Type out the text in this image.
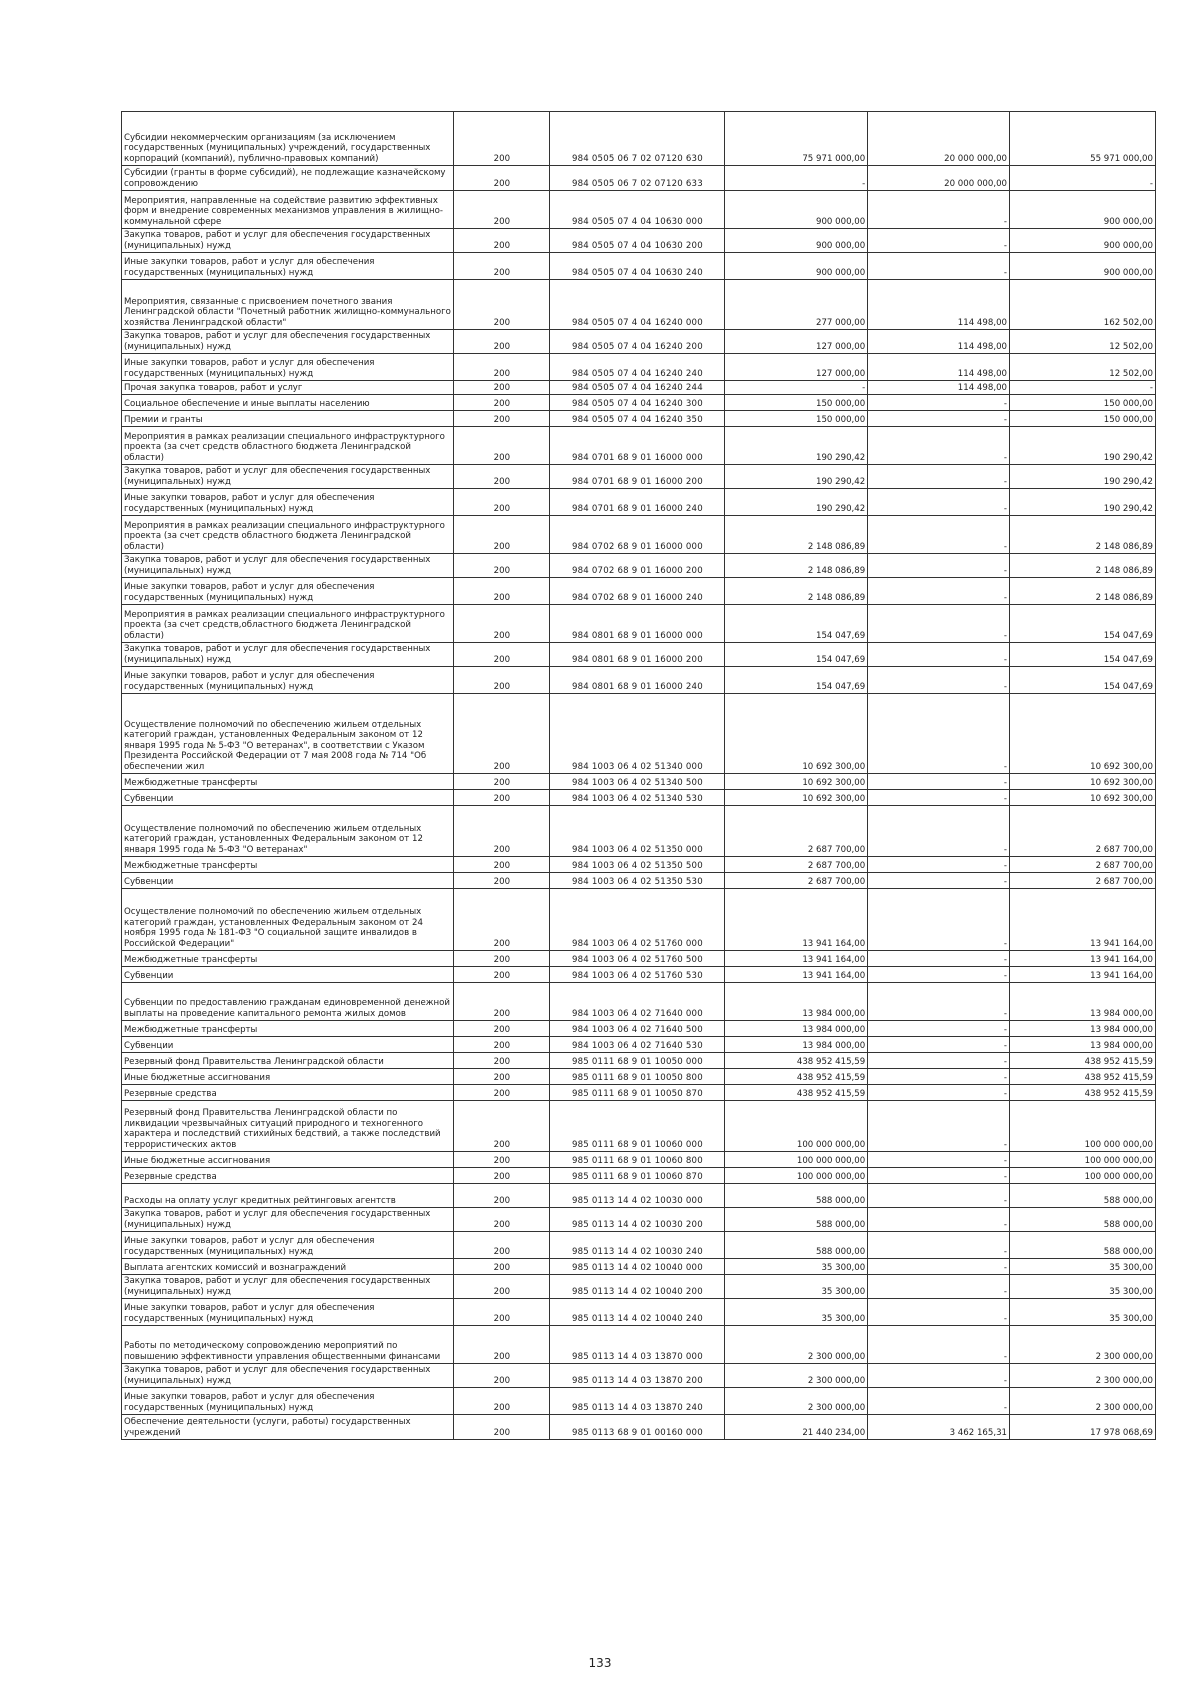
Субсидии некоммерческим организациям (за исключением государственных (муниципальных) учреждений, государственных корпораций (компаний), публично-правовых компаний)	200	984 0505 06 7 02 07120 630	75 971 000,00	20 000 000,00	55 971 000,00
Субсидии (гранты в форме субсидий), не подлежащие казначейскому сопровождению	200	984 0505 06 7 02 07120 633	-	20 000 000,00	-
Мероприятия, направленные на содействие развитию эффективных форм и внедрение современных механизмов управления в жилищно-коммунальной сфере	200	984 0505 07 4 04 10630 000	900 000,00	-	900 000,00
Закупка товаров, работ и услуг для обеспечения государственных (муниципальных) нужд	200	984 0505 07 4 04 10630 200	900 000,00	-	900 000,00
Иные закупки товаров, работ и услуг для обеспечения государственных (муниципальных) нужд	200	984 0505 07 4 04 10630 240	900 000,00	-	900 000,00
Мероприятия, связанные с присвоением почетного звания Ленинградской области "Почетный работник жилищно-коммунального хозяйства Ленинградской области"	200	984 0505 07 4 04 16240 000	277 000,00	114 498,00	162 502,00
Закупка товаров, работ и услуг для обеспечения государственных (муниципальных) нужд	200	984 0505 07 4 04 16240 200	127 000,00	114 498,00	12 502,00
Иные закупки товаров, работ и услуг для обеспечения государственных (муниципальных) нужд	200	984 0505 07 4 04 16240 240	127 000,00	114 498,00	12 502,00
Прочая закупка товаров, работ и услуг	200	984 0505 07 4 04 16240 244	-	114 498,00	-
Социальное обеспечение и иные выплаты населению	200	984 0505 07 4 04 16240 300	150 000,00	-	150 000,00
Премии и гранты	200	984 0505 07 4 04 16240 350	150 000,00	-	150 000,00
Мероприятия в рамках реализации специального инфраструктурного проекта (за счет средств областного бюджета Ленинградской области)	200	984 0701 68 9 01 16000 000	190 290,42	-	190 290,42
Закупка товаров, работ и услуг для обеспечения государственных (муниципальных) нужд	200	984 0701 68 9 01 16000 200	190 290,42	-	190 290,42
Иные закупки товаров, работ и услуг для обеспечения государственных (муниципальных) нужд	200	984 0701 68 9 01 16000 240	190 290,42	-	190 290,42
Мероприятия в рамках реализации специального инфраструктурного проекта (за счет средств областного бюджета Ленинградской области)	200	984 0702 68 9 01 16000 000	2 148 086,89	-	2 148 086,89
Закупка товаров, работ и услуг для обеспечения государственных (муниципальных) нужд	200	984 0702 68 9 01 16000 200	2 148 086,89	-	2 148 086,89
Иные закупки товаров, работ и услуг для обеспечения государственных (муниципальных) нужд	200	984 0702 68 9 01 16000 240	2 148 086,89	-	2 148 086,89
Мероприятия в рамках реализации специального инфраструктурного проекта (за счет средств,областного бюджета Ленинградской области)	200	984 0801 68 9 01 16000 000	154 047,69	-	154 047,69
Закупка товаров, работ и услуг для обеспечения государственных (муниципальных) нужд	200	984 0801 68 9 01 16000 200	154 047,69	-	154 047,69
Иные закупки товаров, работ и услуг для обеспечения государственных (муниципальных) нужд	200	984 0801 68 9 01 16000 240	154 047,69	-	154 047,69
Осуществление полномочий по обеспечению жильем отдельных категорий граждан, установленных Федеральным законом от 12 января 1995 года № 5-ФЗ "О ветеранах", в соответствии с Указом Президента Российской Федерации от 7 мая 2008 года № 714 "Об обеспечении жил	200	984 1003 06 4 02 51340 000	10 692 300,00	-	10 692 300,00
Межбюджетные трансферты	200	984 1003 06 4 02 51340 500	10 692 300,00	-	10 692 300,00
Субвенции	200	984 1003 06 4 02 51340 530	10 692 300,00	-	10 692 300,00
Осуществление полномочий по обеспечению жильем отдельных категорий граждан, установленных Федеральным законом от 12 января 1995 года № 5-ФЗ "О ветеранах"	200	984 1003 06 4 02 51350 000	2 687 700,00	-	2 687 700,00
Межбюджетные трансферты	200	984 1003 06 4 02 51350 500	2 687 700,00	-	2 687 700,00
Субвенции	200	984 1003 06 4 02 51350 530	2 687 700,00	-	2 687 700,00
Осуществление полномочий по обеспечению жильем отдельных категорий граждан, установленных Федеральным законом от 24 ноября 1995 года № 181-ФЗ "О социальной защите инвалидов в Российской Федерации"	200	984 1003 06 4 02 51760 000	13 941 164,00	-	13 941 164,00
Межбюджетные трансферты	200	984 1003 06 4 02 51760 500	13 941 164,00	-	13 941 164,00
Субвенции	200	984 1003 06 4 02 51760 530	13 941 164,00	-	13 941 164,00
Субвенции по предоставлению гражданам единовременной денежной выплаты на проведение капитального ремонта жилых домов	200	984 1003 06 4 02 71640 000	13 984 000,00	-	13 984 000,00
Межбюджетные трансферты	200	984 1003 06 4 02 71640 500	13 984 000,00	-	13 984 000,00
Субвенции	200	984 1003 06 4 02 71640 530	13 984 000,00	-	13 984 000,00
Резервный фонд Правительства Ленинградской области	200	985 0111 68 9 01 10050 000	438 952 415,59	-	438 952 415,59
Иные бюджетные ассигнования	200	985 0111 68 9 01 10050 800	438 952 415,59	-	438 952 415,59
Резервные средства	200	985 0111 68 9 01 10050 870	438 952 415,59	-	438 952 415,59
Резервный фонд Правительства Ленинградской области по ликвидации чрезвычайных ситуаций природного и техногенного характера и последствий стихийных бедствий, а также последствий террористических актов	200	985 0111 68 9 01 10060 000	100 000 000,00	-	100 000 000,00
Иные бюджетные ассигнования	200	985 0111 68 9 01 10060 800	100 000 000,00	-	100 000 000,00
Резервные средства	200	985 0111 68 9 01 10060 870	100 000 000,00	-	100 000 000,00
Расходы на оплату услуг кредитных рейтинговых агентств	200	985 0113 14 4 02 10030 000	588 000,00	-	588 000,00
Закупка товаров, работ и услуг для обеспечения государственных (муниципальных) нужд	200	985 0113 14 4 02 10030 200	588 000,00	-	588 000,00
Иные закупки товаров, работ и услуг для обеспечения государственных (муниципальных) нужд	200	985 0113 14 4 02 10030 240	588 000,00	-	588 000,00
Выплата агентских комиссий и вознаграждений	200	985 0113 14 4 02 10040 000	35 300,00	-	35 300,00
Закупка товаров, работ и услуг для обеспечения государственных (муниципальных) нужд	200	985 0113 14 4 02 10040 200	35 300,00	-	35 300,00
Иные закупки товаров, работ и услуг для обеспечения государственных (муниципальных) нужд	200	985 0113 14 4 02 10040 240	35 300,00	-	35 300,00
Работы по методическому сопровождению мероприятий по повышению эффективности управления общественными финансами	200	985 0113 14 4 03 13870 000	2 300 000,00	-	2 300 000,00
Закупка товаров, работ и услуг для обеспечения государственных (муниципальных) нужд	200	985 0113 14 4 03 13870 200	2 300 000,00	-	2 300 000,00
Иные закупки товаров, работ и услуг для обеспечения государственных (муниципальных) нужд	200	985 0113 14 4 03 13870 240	2 300 000,00	-	2 300 000,00
Обеспечение деятельности (услуги, работы) государственных учреждений	200	985 0113 68 9 01 00160 000	21 440 234,00	3 462 165,31	17 978 068,69
133
